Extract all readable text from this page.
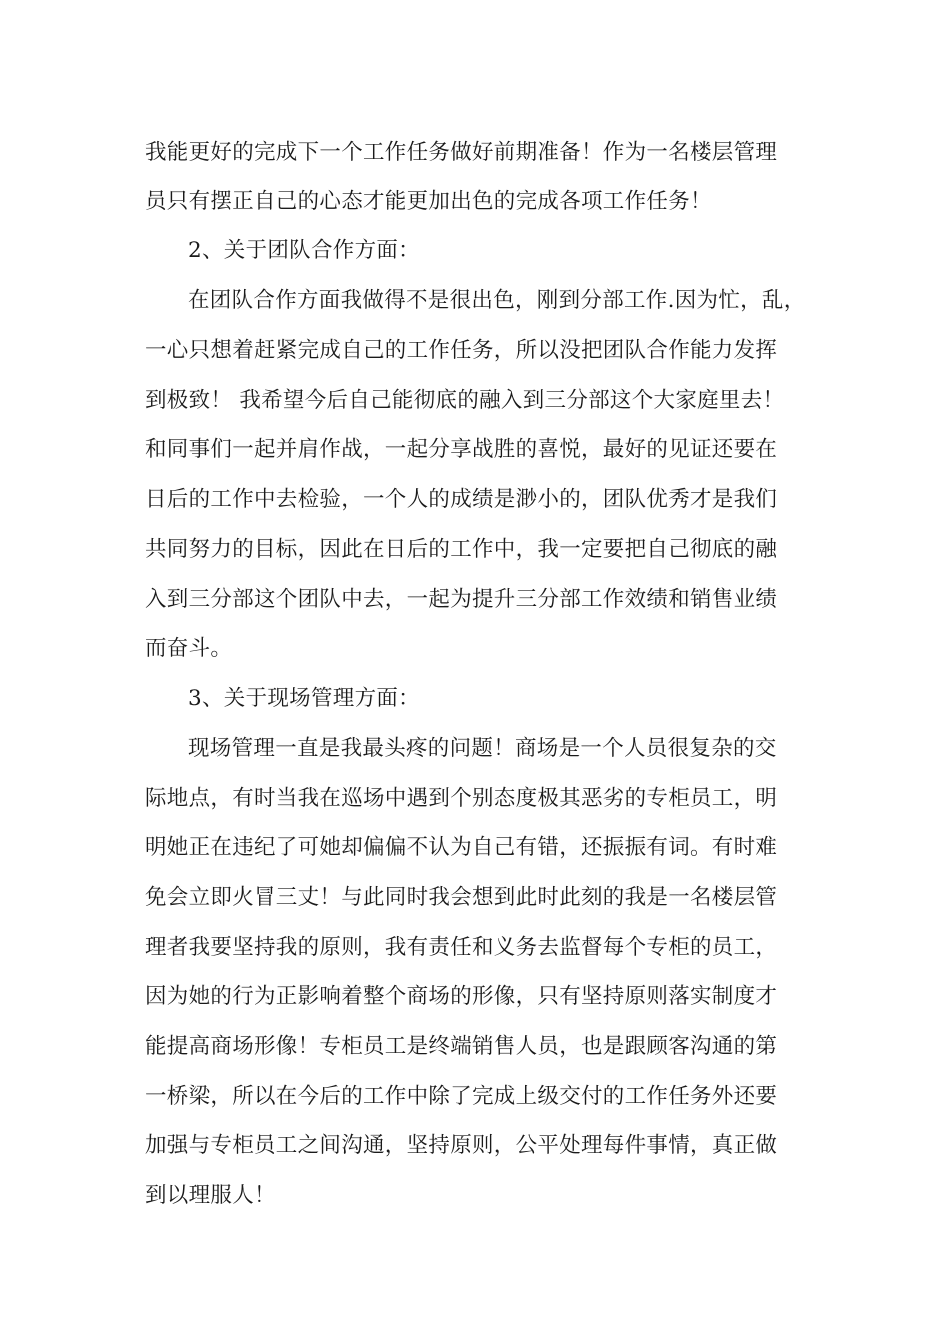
我能更好的完成下一个工作任务做好前期准备！作为一名楼层管理
员只有摆正自己的心态才能更加出色的完成各项工作任务！
2、关于团队合作方面：
在团队合作方面我做得不是很出色，刚到分部工作.因为忙，乱，
一心只想着赶紧完成自己的工作任务，所以没把团队合作能力发挥
到极致！ 我希望今后自己能彻底的融入到三分部这个大家庭里去！
和同事们一起并肩作战，一起分享战胜的喜悦，最好的见证还要在
日后的工作中去检验，一个人的成绩是渺小的，团队优秀才是我们
共同努力的目标，因此在日后的工作中，我一定要把自己彻底的融
入到三分部这个团队中去，一起为提升三分部工作效绩和销售业绩
而奋斗。
3、关于现场管理方面：
现场管理一直是我最头疼的问题！商场是一个人员很复杂的交
际地点，有时当我在巡场中遇到个别态度极其恶劣的专柜员工，明
明她正在违纪了可她却偏偏不认为自己有错，还振振有词。有时难
免会立即火冒三丈！与此同时我会想到此时此刻的我是一名楼层管
理者我要坚持我的原则，我有责任和义务去监督每个专柜的员工，
因为她的行为正影响着整个商场的形像，只有坚持原则落实制度才
能提高商场形像！专柜员工是终端销售人员，也是跟顾客沟通的第
一桥梁，所以在今后的工作中除了完成上级交付的工作任务外还要
加强与专柜员工之间沟通，坚持原则，公平处理每件事情，真正做
到以理服人！
